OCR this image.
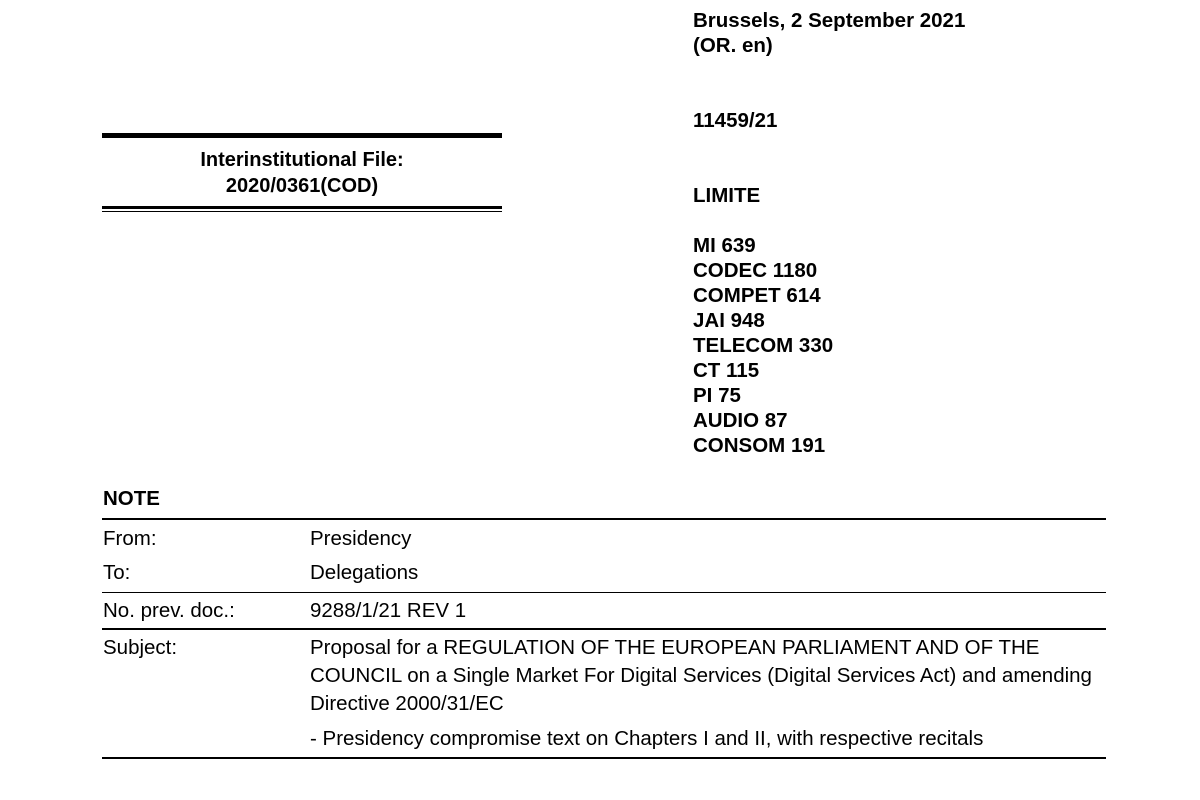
Brussels, 2 September 2021
(OR. en)
11459/21
LIMITE
MI 639
CODEC 1180
COMPET 614
JAI 948
TELECOM 330
CT 115
PI 75
AUDIO 87
CONSOM 191
Interinstitutional File:
2020/0361(COD)
NOTE
From:	Presidency
To:	Delegations
No. prev. doc.:	9288/1/21 REV 1
Subject:	Proposal for a REGULATION OF THE EUROPEAN PARLIAMENT AND OF THE COUNCIL on a Single Market For Digital Services (Digital Services Act) and amending Directive 2000/31/EC
- Presidency compromise text on Chapters I and II, with respective recitals
